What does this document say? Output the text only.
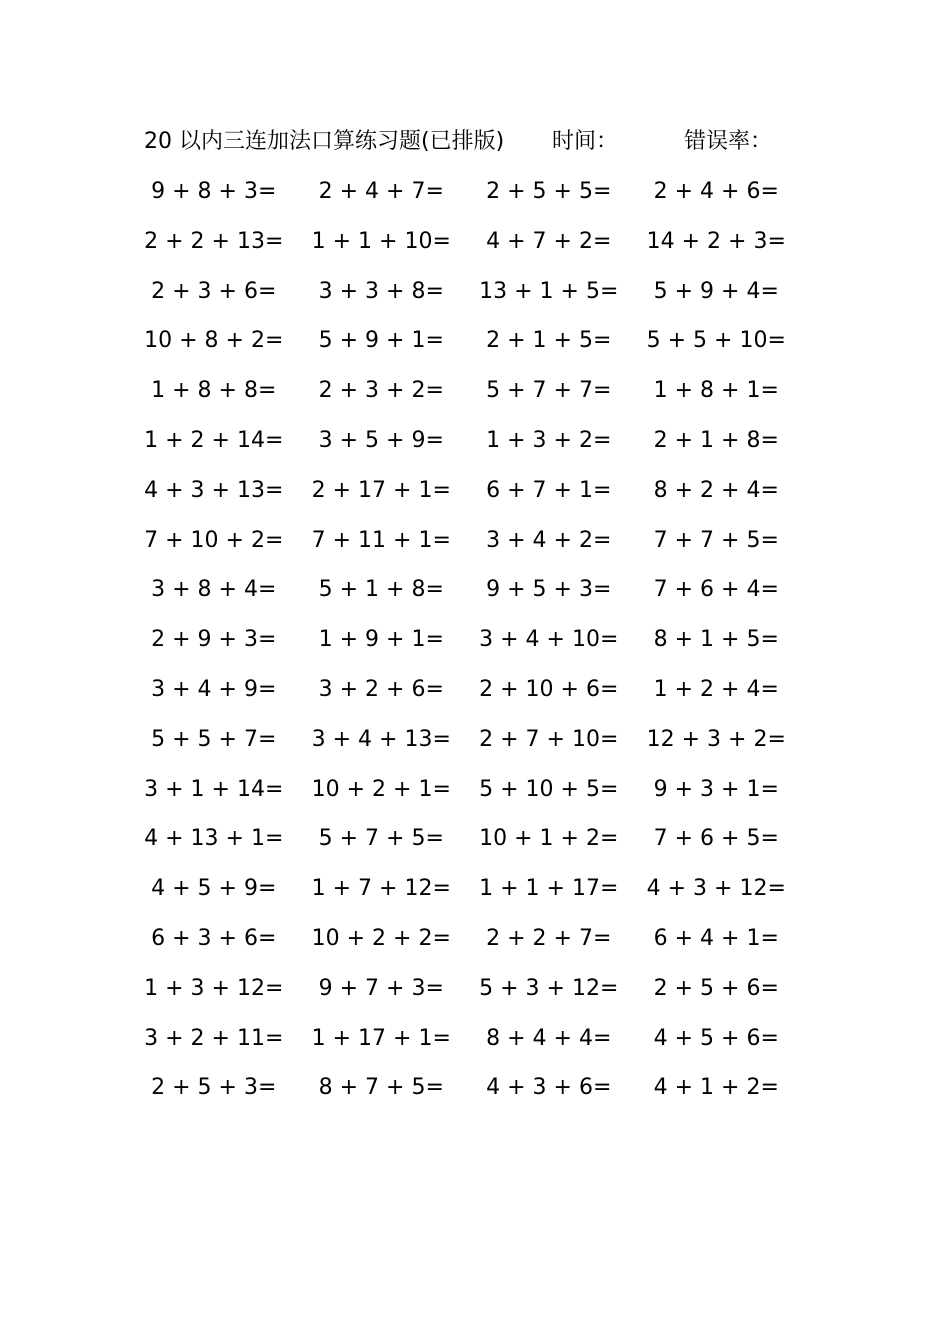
20 以内三连加法口算练习题(已排版) 时间：	错误率：
9 + 8 + 3=	2 + 4 + 7=	2 + 5 + 5=	2 + 4 + 6=
2 + 2 + 13=	1 + 1 + 10=	4 + 7 + 2=	14 + 2 + 3=
2 + 3 + 6=	3 + 3 + 8=	13 + 1 + 5=	5 + 9 + 4=
10 + 8 + 2=	5 + 9 + 1=	2 + 1 + 5=	5 + 5 + 10=
1 + 8 + 8=	2 + 3 + 2=	5 + 7 + 7=	1 + 8 + 1=
1 + 2 + 14=	3 + 5 + 9=	1 + 3 + 2=	2 + 1 + 8=
4 + 3 + 13=	2 + 17 + 1=	6 + 7 + 1=	8 + 2 + 4=
7 + 10 + 2=	7 + 11 + 1=	3 + 4 + 2=	7 + 7 + 5=
3 + 8 + 4=	5 + 1 + 8=	9 + 5 + 3=	7 + 6 + 4=
2 + 9 + 3=	1 + 9 + 1=	3 + 4 + 10=	8 + 1 + 5=
3 + 4 + 9=	3 + 2 + 6=	2 + 10 + 6=	1 + 2 + 4=
5 + 5 + 7=	3 + 4 + 13=	2 + 7 + 10=	12 + 3 + 2=
3 + 1 + 14=	10 + 2 + 1=	5 + 10 + 5=	9 + 3 + 1=
4 + 13 + 1=	5 + 7 + 5=	10 + 1 + 2=	7 + 6 + 5=
4 + 5 + 9=	1 + 7 + 12=	1 + 1 + 17=	4 + 3 + 12=
6 + 3 + 6=	10 + 2 + 2=	2 + 2 + 7=	6 + 4 + 1=
1 + 3 + 12=	9 + 7 + 3=	5 + 3 + 12=	2 + 5 + 6=
3 + 2 + 11=	1 + 17 + 1=	8 + 4 + 4=	4 + 5 + 6=
2 + 5 + 3=	8 + 7 + 5=	4 + 3 + 6=	4 + 1 + 2=
